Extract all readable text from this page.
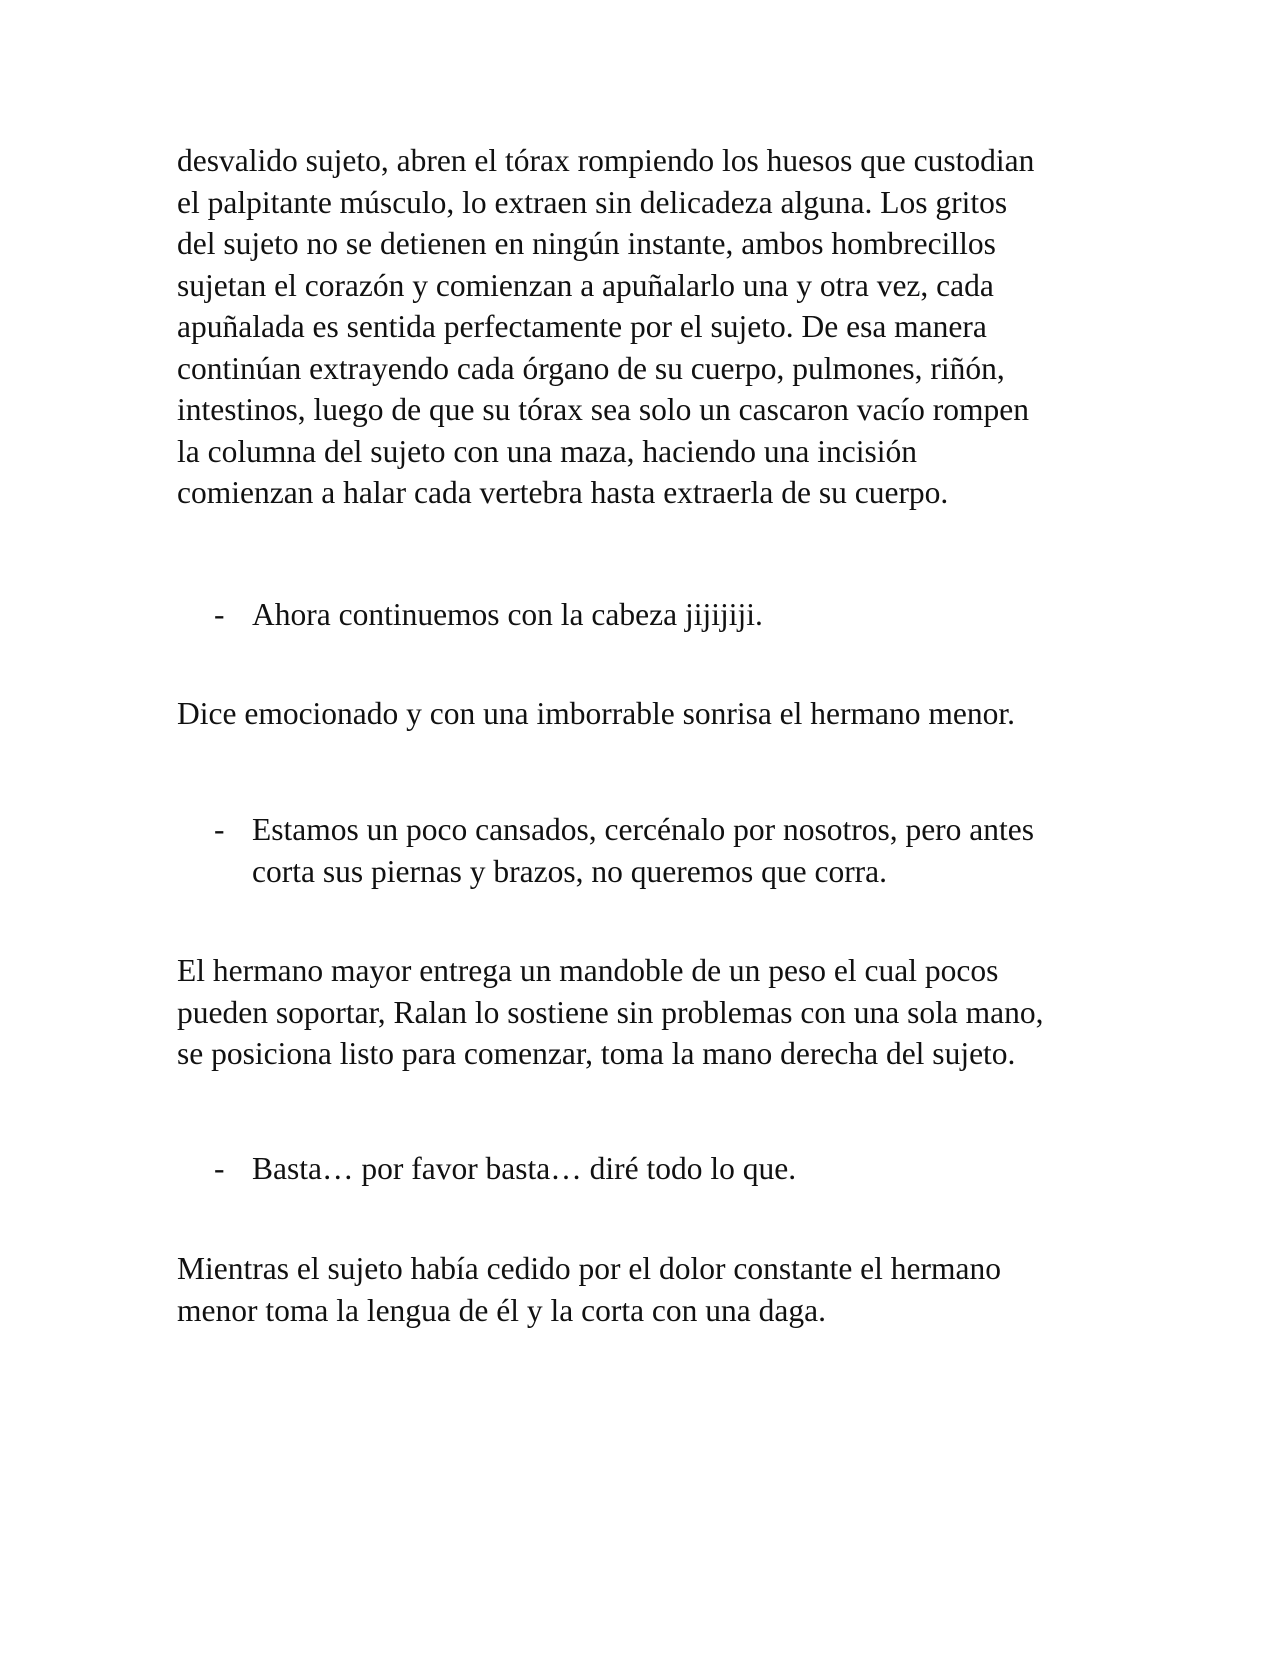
desvalido sujeto, abren el tórax rompiendo los huesos que custodian
el palpitante músculo, lo extraen sin delicadeza alguna. Los gritos
del sujeto no se detienen en ningún instante, ambos hombrecillos
sujetan el corazón y comienzan a apuñalarlo una y otra vez, cada
apuñalada es sentida perfectamente por el sujeto. De esa manera
continúan extrayendo cada órgano de su cuerpo, pulmones, riñón,
intestinos, luego de que su tórax sea solo un cascaron vacío rompen
la columna del sujeto con una maza, haciendo una incisión
comienzan a halar cada vertebra hasta extraerla de su cuerpo.
- Ahora continuemos con la cabeza jijijiji.
Dice emocionado y con una imborrable sonrisa el hermano menor.
- Estamos un poco cansados, cercénalo por nosotros, pero antes
corta sus piernas y brazos, no queremos que corra.
El hermano mayor entrega un mandoble de un peso el cual pocos
pueden soportar, Ralan lo sostiene sin problemas con una sola mano,
se posiciona listo para comenzar, toma la mano derecha del sujeto.
- Basta… por favor basta… diré todo lo que.
Mientras el sujeto había cedido por el dolor constante el hermano
menor toma la lengua de él y la corta con una daga.
